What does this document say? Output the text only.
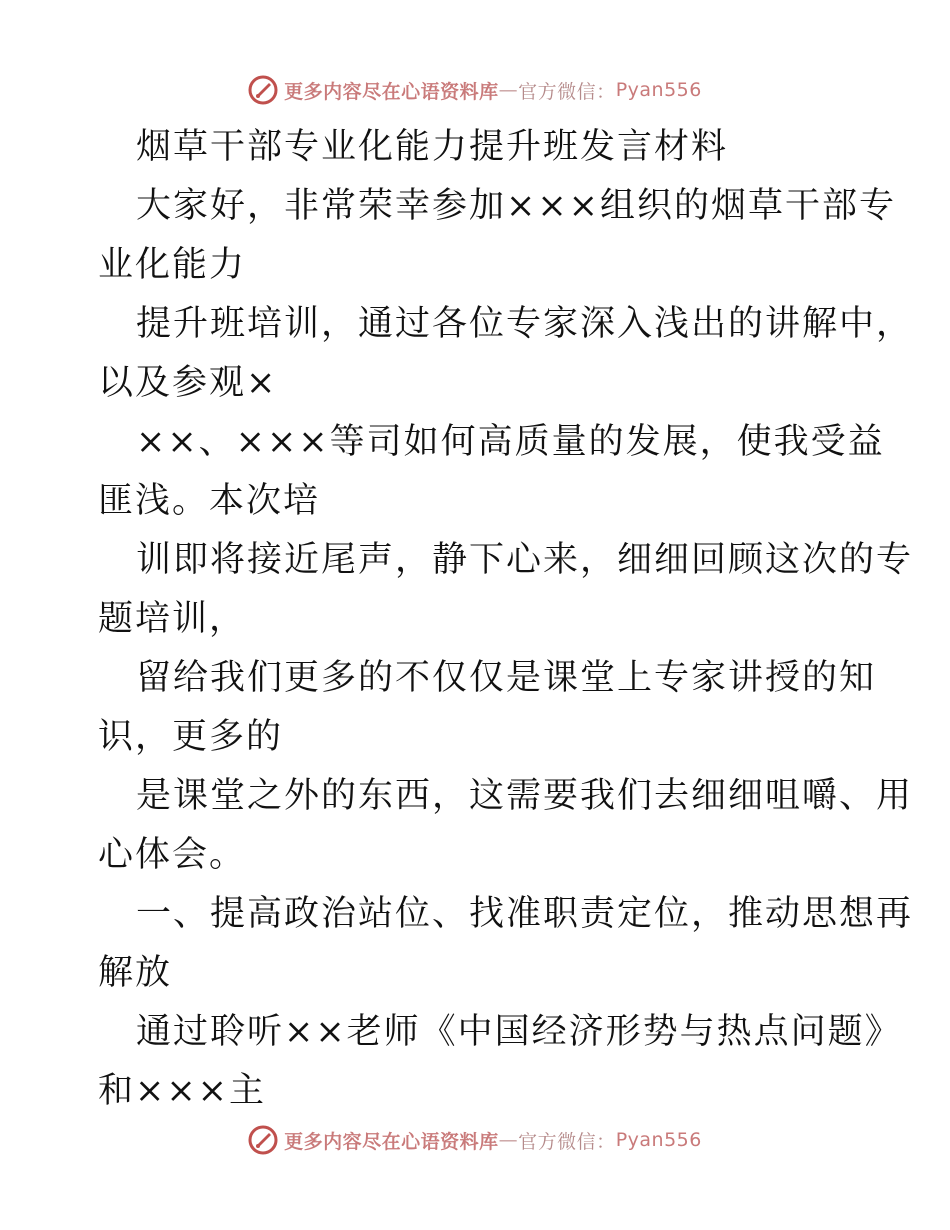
更多内容尽在心语资料库 — 官方微信： Pyan556
烟草干部专业化能力提升班发言材料
大家好，非常荣幸参加×××组织的烟草干部专
业化能力
提升班培训，通过各位专家深入浅出的讲解中，
以及参观×
××、×××等司如何高质量的发展，使我受益
匪浅。本次培
训即将接近尾声，静下心来，细细回顾这次的专
题培训，
留给我们更多的不仅仅是课堂上专家讲授的知
识，更多的
是课堂之外的东西，这需要我们去细细咀嚼、用
心体会。
一、提高政治站位、找准职责定位，推动思想再
解放
通过聆听××老师《中国经济形势与热点问题》
和×××主
更多内容尽在心语资料库 — 官方微信： Pyan556
